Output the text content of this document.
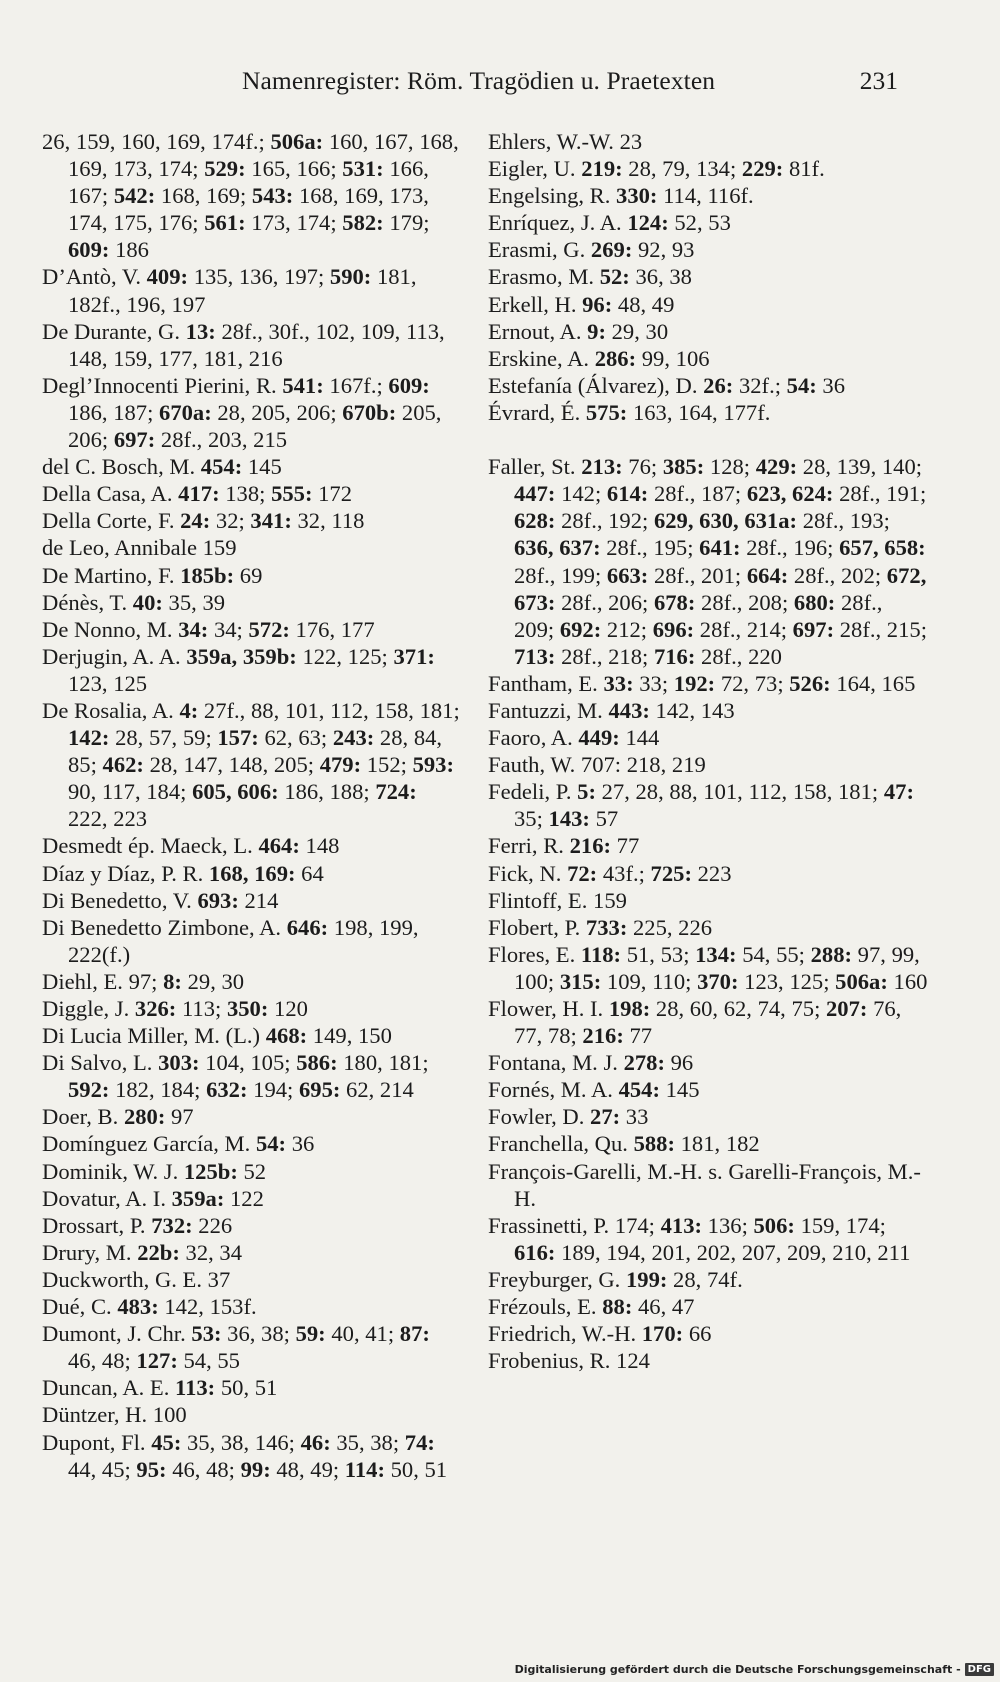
Namenregister: Röm. Tragödien u. Praetexten	231

26, 159, 160, 169, 174f.; 506a: 160, 167, 168, 169, 173, 174; 529: 165, 166; 531: 166, 167; 542: 168, 169; 543: 168, 169, 173, 174, 175, 176; 561: 173, 174; 582: 179; 609: 186

D’Antò, V. 409: 135, 136, 197; 590: 181, 182f., 196, 197

De Durante, G. 13: 28f., 30f., 102, 109, 113, 148, 159, 177, 181, 216

Degl’Innocenti Pierini, R. 541: 167f.; 609: 186, 187; 670a: 28, 205, 206; 670b: 205, 206; 697: 28f., 203, 215

del C. Bosch, M. 454: 145

Della Casa, A. 417: 138; 555: 172

Della Corte, F. 24: 32; 341: 32, 118

de Leo, Annibale 159

De Martino, F. 185b: 69

Dénès, T. 40: 35, 39

De Nonno, M. 34: 34; 572: 176, 177

Derjugin, A. A. 359a, 359b: 122, 125; 371: 123, 125

De Rosalia, A. 4: 27f., 88, 101, 112, 158, 181; 142: 28, 57, 59; 157: 62, 63; 243: 28, 84, 85; 462: 28, 147, 148, 205; 479: 152; 593: 90, 117, 184; 605, 606: 186, 188; 724: 222, 223

Desmedt ép. Maeck, L. 464: 148

Díaz y Díaz, P. R. 168, 169: 64

Di Benedetto, V. 693: 214

Di Benedetto Zimbone, A. 646: 198, 199, 222(f.)

Diehl, E. 97; 8: 29, 30

Diggle, J. 326: 113; 350: 120

Di Lucia Miller, M. (L.) 468: 149, 150

Di Salvo, L. 303: 104, 105; 586: 180, 181; 592: 182, 184; 632: 194; 695: 62, 214

Doer, B. 280: 97

Domínguez García, M. 54: 36

Dominik, W. J. 125b: 52

Dovatur, A. I. 359a: 122

Drossart, P. 732: 226

Drury, M. 22b: 32, 34

Duckworth, G. E. 37

Dué, C. 483: 142, 153f.

Dumont, J. Chr. 53: 36, 38; 59: 40, 41; 87: 46, 48; 127: 54, 55

Duncan, A. E. 113: 50, 51

Düntzer, H. 100

Dupont, Fl. 45: 35, 38, 146; 46: 35, 38; 74: 44, 45; 95: 46, 48; 99: 48, 49; 114: 50, 51

Ehlers, W.-W. 23

Eigler, U. 219: 28, 79, 134; 229: 81f.

Engelsing, R. 330: 114, 116f.

Enríquez, J. A. 124: 52, 53

Erasmi, G. 269: 92, 93

Erasmo, M. 52: 36, 38

Erkell, H. 96: 48, 49

Ernout, A. 9: 29, 30

Erskine, A. 286: 99, 106

Estefanía (Álvarez), D. 26: 32f.; 54: 36

Évrard, É. 575: 163, 164, 177f.

Faller, St. 213: 76; 385: 128; 429: 28, 139, 140; 447: 142; 614: 28f., 187; 623, 624: 28f., 191; 628: 28f., 192; 629, 630, 631a: 28f., 193; 636, 637: 28f., 195; 641: 28f., 196; 657, 658: 28f., 199; 663: 28f., 201; 664: 28f., 202; 672, 673: 28f., 206; 678: 28f., 208; 680: 28f., 209; 692: 212; 696: 28f., 214; 697: 28f., 215; 713: 28f., 218; 716: 28f., 220

Fantham, E. 33: 33; 192: 72, 73; 526: 164, 165

Fantuzzi, M. 443: 142, 143

Faoro, A. 449: 144

Fauth, W. 707: 218, 219

Fedeli, P. 5: 27, 28, 88, 101, 112, 158, 181; 47: 35; 143: 57

Ferri, R. 216: 77

Fick, N. 72: 43f.; 725: 223

Flintoff, E. 159

Flobert, P. 733: 225, 226

Flores, E. 118: 51, 53; 134: 54, 55; 288: 97, 99, 100; 315: 109, 110; 370: 123, 125; 506a: 160

Flower, H. I. 198: 28, 60, 62, 74, 75; 207: 76, 77, 78; 216: 77

Fontana, M. J. 278: 96

Fornés, M. A. 454: 145

Fowler, D. 27: 33

Franchella, Qu. 588: 181, 182

François-Garelli, M.-H. s. Garelli-François, M.-H.

Frassinetti, P. 174; 413: 136; 506: 159, 174; 616: 189, 194, 201, 202, 207, 209, 210, 211

Freyburger, G. 199: 28, 74f.

Frézouls, E. 88: 46, 47

Friedrich, W.-H. 170: 66

Frobenius, R. 124

Digitalisierung gefördert durch die Deutsche Forschungsgemeinschaft - DFG
